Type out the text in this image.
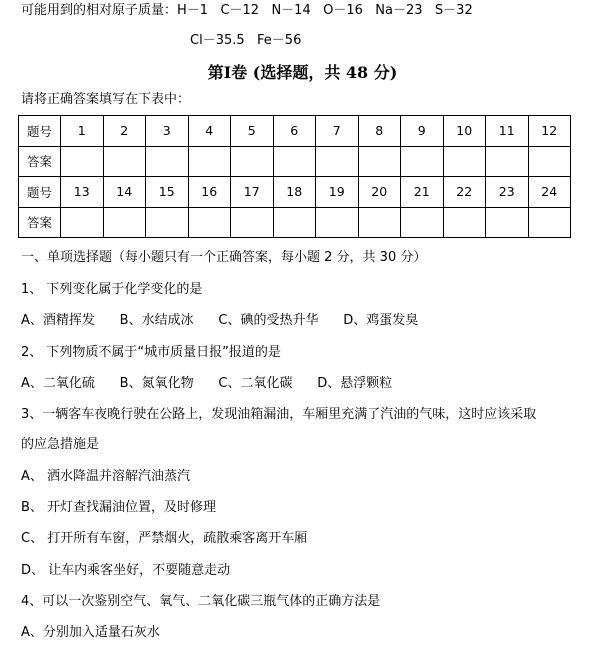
可能用到的相对原子质量：H－1   C－12   N－14   O－16   Na－23   S－32
Cl－35.5   Fe－56
第Ⅰ卷 (选择题，共 48 分)
请将正确答案填写在下表中：
题号	1	2	3	4	5	6	7	8	9	10	11	12
答案												
题号	13	14	15	16	17	18	19	20	21	22	23	24
答案												
一、单项选择题（每小题只有一个正确答案，每小题 2 分，共 30 分）
1、 下列变化属于化学变化的是
A、酒精挥发      B、水结成冰      C、碘的受热升华      D、鸡蛋发臭
2、 下列物质不属于“城市质量日报”报道的是
A、二氧化硫      B、氮氧化物      C、二氧化碳      D、悬浮颗粒
3、一辆客车夜晚行驶在公路上，发现油箱漏油，车厢里充满了汽油的气味，这时应该采取
的应急措施是
A、 洒水降温并溶解汽油蒸汽
B、 开灯查找漏油位置，及时修理
C、 打开所有车窗，严禁烟火，疏散乘客离开车厢
D、 让车内乘客坐好，不要随意走动
4、可以一次鉴别空气、氧气、二氧化碳三瓶气体的正确方法是
A、分别加入适量石灰水
